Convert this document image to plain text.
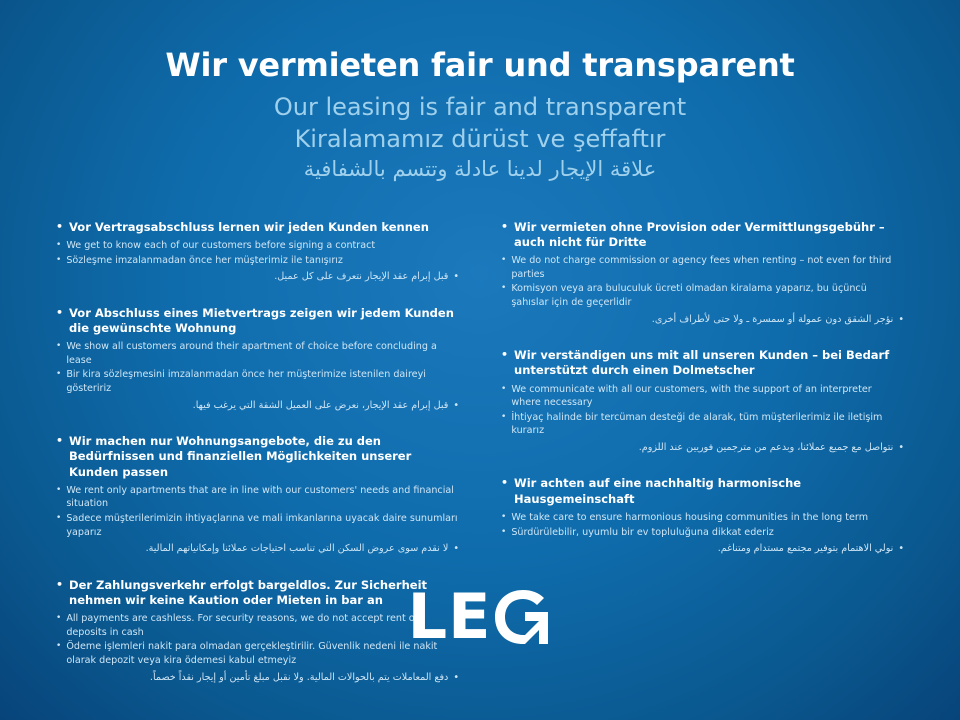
Wir vermieten fair und transparent
Our leasing is fair and transparent
Kiralamamız dürüst ve şeffaftır
علاقة الإيجار لدينا عادلة وتتسم بالشفافية
• Vor Vertragsabschluss lernen wir jeden Kunden kennen
• We get to know each of our customers before signing a contract
• Sözleşme imzalanmadan önce her müşterimiz ile tanışırız
•قبل إبرام عقد الإيجار نتعرف على كل عميل.
• Vor Abschluss eines Mietvertrags zeigen wir jedem Kunden die gewünschte Wohnung
• We show all customers around their apartment of choice before concluding a lease
• Bir kira sözleşmesini imzalanmadan önce her müşterimize istenilen daireyi gösteririz
•قبل إبرام عقد الإيجار، نعرض على العميل الشقة التي يرغب فيها.
• Wir machen nur Wohnungsangebote, die zu den Bedürfnissen und finanziellen Möglichkeiten unserer Kunden passen
• We rent only apartments that are in line with our customers' needs and financial situation
• Sadece müşterilerimizin ihtiyaçlarına ve mali imkanlarına uyacak daire sunumları yaparız
•لا نقدم سوى عروض السكن التي تناسب احتياجات عملائنا وإمكانياتهم المالية.
• Der Zahlungsverkehr erfolgt bargeldlos. Zur Sicherheit nehmen wir keine Kaution oder Mieten in bar an
• All payments are cashless. For security reasons, we do not accept rent or deposits in cash
• Ödeme işlemleri nakit para olmadan gerçekleştirilir. Güvenlik nedeni ile nakit olarak depozit veya kira ödemesi kabul etmeyiz
•دفع المعاملات يتم بالحوالات المالية. ولا نقبل مبلغ تأمين أو إيجار نقداً خصماً.
• Wir vermieten ohne Provision oder Vermittlungsgebühr – auch nicht für Dritte
• We do not charge commission or agency fees when renting – not even for third parties
• Komisyon veya ara buluculuk ücreti olmadan kiralama yaparız, bu üçüncü şahıslar için de geçerlidir
•نؤجر الشقق دون عمولة أو سمسرة ـ ولا حتى لأطراف أخرى.
• Wir verständigen uns mit all unseren Kunden – bei Bedarf unterstützt durch einen Dolmetscher
• We communicate with all our customers, with the support of an interpreter where necessary
• İhtiyaç halinde bir tercüman desteği de alarak, tüm müşterilerimiz ile iletişim kurarız
•نتواصل مع جميع عملائنا، وبدعم من مترجمين فوريين عند اللزوم.
• Wir achten auf eine nachhaltig harmonische Hausgemeinschaft
• We take care to ensure harmonious housing communities in the long term
• Sürdürülebilir, uyumlu bir ev topluluğuna dikkat ederiz
•نولي الاهتمام بتوفير مجتمع مستدام ومتناغم.
LE
